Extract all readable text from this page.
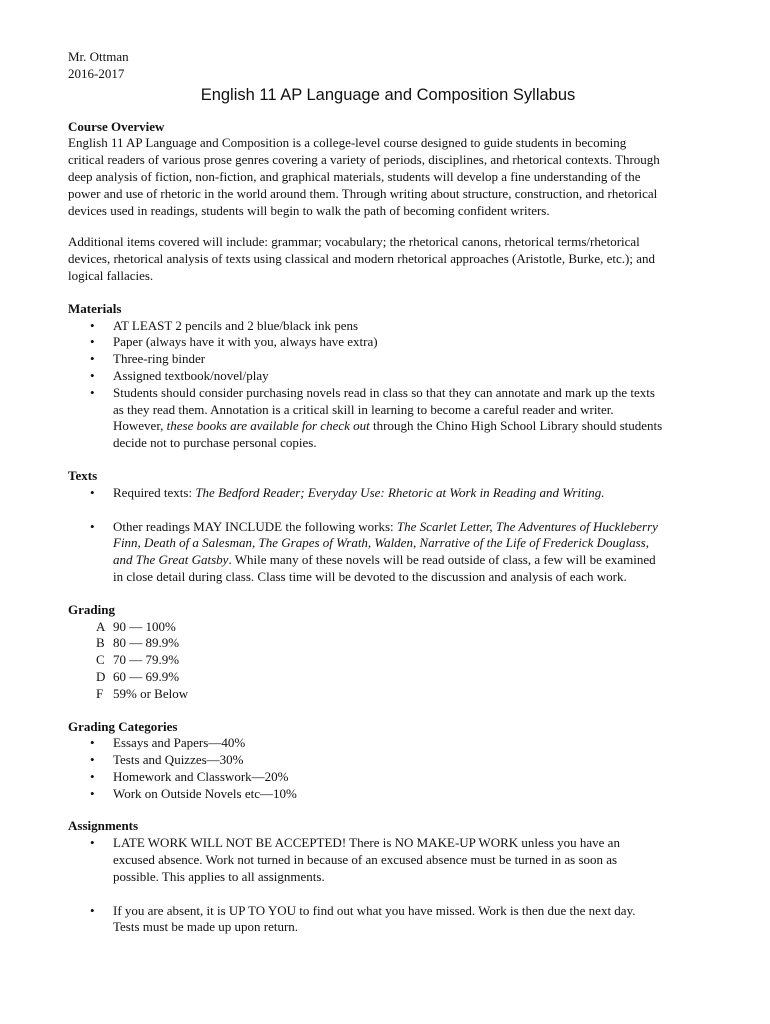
Mr. Ottman
2016-2017
English 11 AP Language and Composition Syllabus
Course Overview
English 11 AP Language and Composition is a college-level course designed to guide students in becoming
critical readers of various prose genres covering a variety of periods, disciplines, and rhetorical contexts. Through
deep analysis of fiction, non-fiction, and graphical materials, students will develop a fine understanding of the
power and use of rhetoric in the world around them. Through writing about structure, construction, and rhetorical
devices used in readings, students will begin to walk the path of becoming confident writers.
Additional items covered will include: grammar; vocabulary; the rhetorical canons, rhetorical terms/rhetorical
devices, rhetorical analysis of texts using classical and modern rhetorical approaches (Aristotle, Burke, etc.); and
logical fallacies.
Materials
• AT LEAST 2 pencils and 2 blue/black ink pens
• Paper (always have it with you, always have extra)
• Three-ring binder
• Assigned textbook/novel/play
• Students should consider purchasing novels read in class so that they can annotate and mark up the texts
as they read them. Annotation is a critical skill in learning to become a careful reader and writer.
However, these books are available for check out through the Chino High School Library should students
decide not to purchase personal copies.
Texts
• Required texts: The Bedford Reader; Everyday Use: Rhetoric at Work in Reading and Writing.
• Other readings MAY INCLUDE the following works: The Scarlet Letter, The Adventures of Huckleberry
Finn, Death of a Salesman, The Grapes of Wrath, Walden, Narrative of the Life of Frederick Douglass,
and The Great Gatsby. While many of these novels will be read outside of class, a few will be examined
in close detail during class. Class time will be devoted to the discussion and analysis of each work.
Grading
A 90 — 100%
B 80 — 89.9%
C 70 — 79.9%
D 60 — 69.9%
F 59% or Below
Grading Categories
• Essays and Papers—40%
• Tests and Quizzes—30%
• Homework and Classwork—20%
• Work on Outside Novels etc—10%
Assignments
• LATE WORK WILL NOT BE ACCEPTED! There is NO MAKE-UP WORK unless you have an
excused absence. Work not turned in because of an excused absence must be turned in as soon as
possible. This applies to all assignments.
• If you are absent, it is UP TO YOU to find out what you have missed. Work is then due the next day.
Tests must be made up upon return.
